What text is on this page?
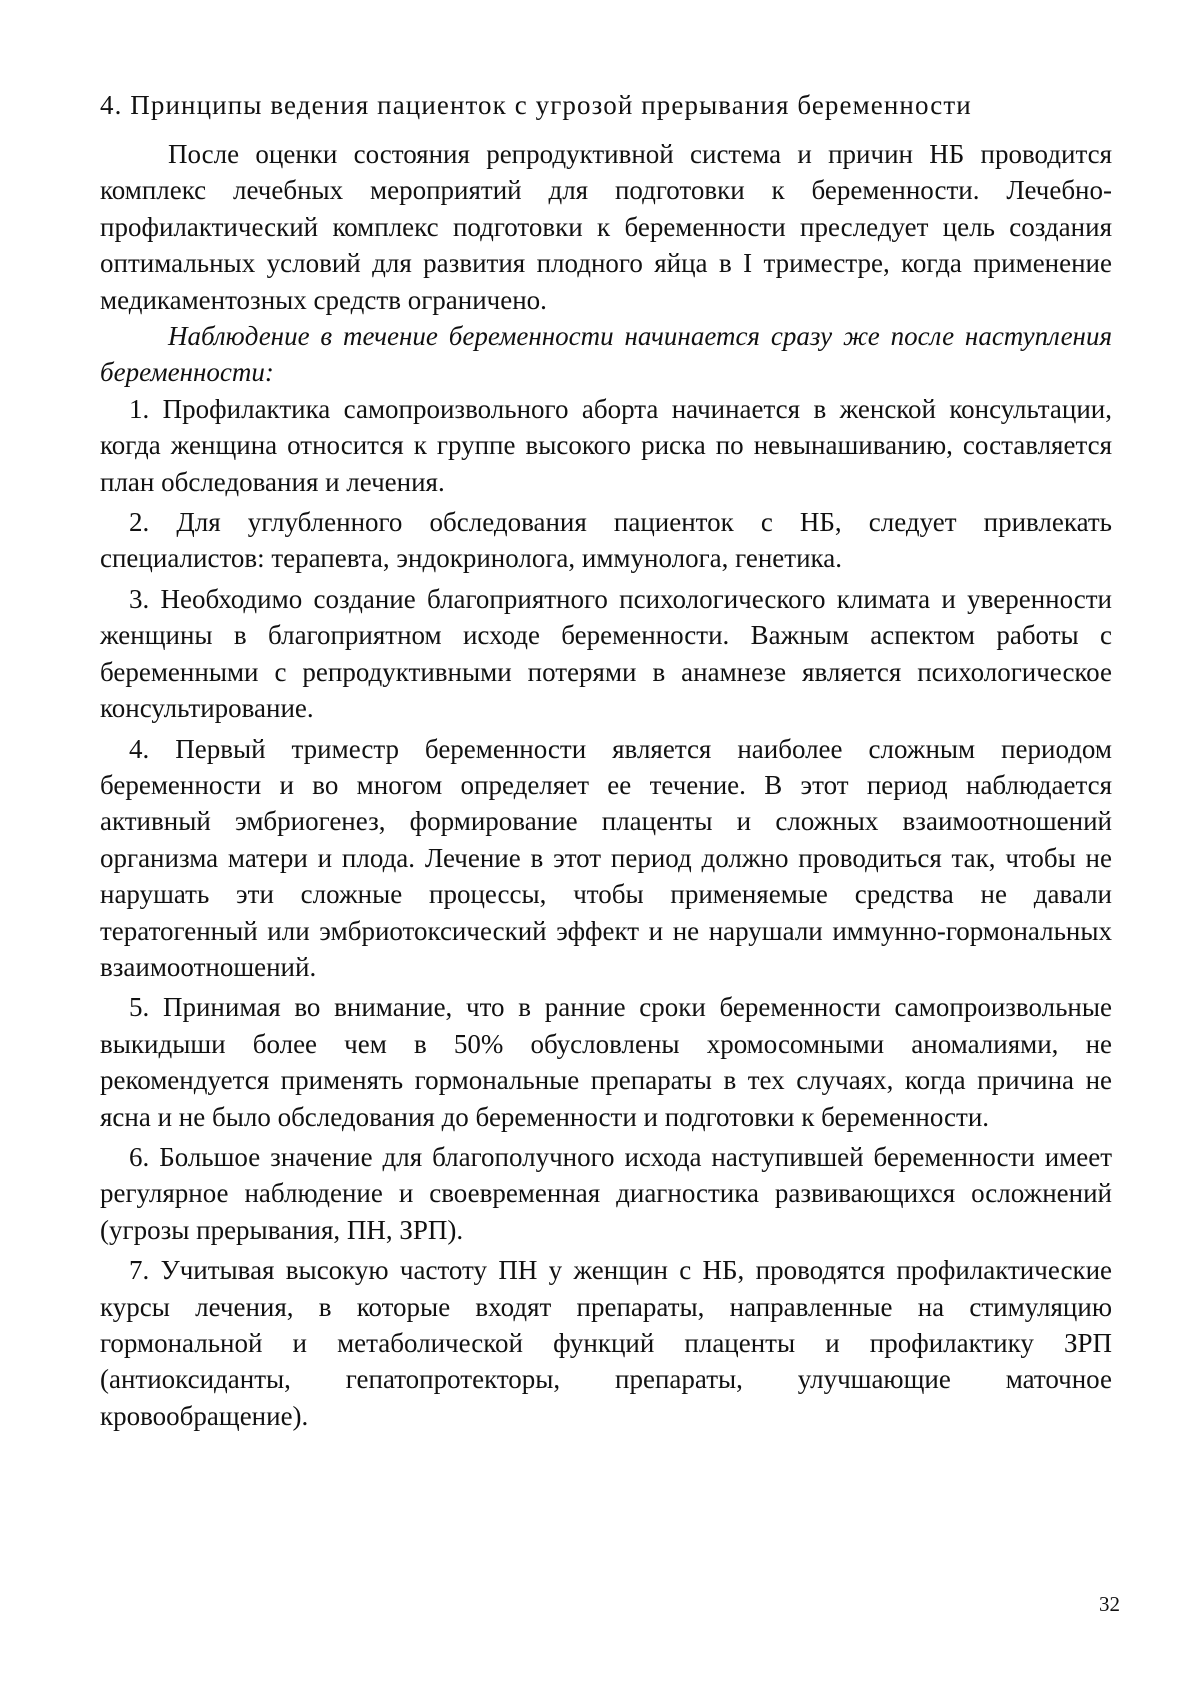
4. Принципы ведения пациенток с угрозой прерывания беременности

После оценки состояния репродуктивной система и причин НБ проводится комплекс лечебных мероприятий для подготовки к беременности. Лечебно-профилактический комплекс подготовки к беременности преследует цель создания оптимальных условий для развития плодного яйца в I триместре, когда применение медикаментозных средств ограничено.

Наблюдение в течение беременности начинается сразу же после наступления беременности:

1. Профилактика самопроизвольного аборта начинается в женской консультации, когда женщина относится к группе высокого риска по невынашиванию, составляется план обследования и лечения.

2. Для углубленного обследования пациенток с НБ, следует привлекать специалистов: терапевта, эндокринолога, иммунолога, генетика.

3. Необходимо создание благоприятного психологического климата и уверенности женщины в благоприятном исходе беременности. Важным аспектом работы с беременными с репродуктивными потерями в анамнезе является психологическое консультирование.

4. Первый триместр беременности является наиболее сложным периодом беременности и во многом определяет ее течение. В этот период наблюдается активный эмбриогенез, формирование плаценты и сложных взаимоотношений организма матери и плода. Лечение в этот период должно проводиться так, чтобы не нарушать эти сложные процессы, чтобы применяемые средства не давали тератогенный или эмбриотоксический эффект и не нарушали иммунно-гормональных взаимоотношений.

5. Принимая во внимание, что в ранние сроки беременности самопроизвольные выкидыши более чем в 50% обусловлены хромосомными аномалиями, не рекомендуется применять гормональные препараты в тех случаях, когда причина не ясна и не было обследования до беременности и подготовки к беременности.

6. Большое значение для благополучного исхода наступившей беременности имеет регулярное наблюдение и своевременная диагностика развивающихся осложнений (угрозы прерывания, ПН, ЗРП).

7. Учитывая высокую частоту ПН у женщин с НБ, проводятся профилактические курсы лечения, в которые входят препараты, направленные на стимуляцию гормональной и метаболической функций плаценты и профилактику ЗРП (антиоксиданты, гепатопротекторы, препараты, улучшающие маточное кровообращение).

32
